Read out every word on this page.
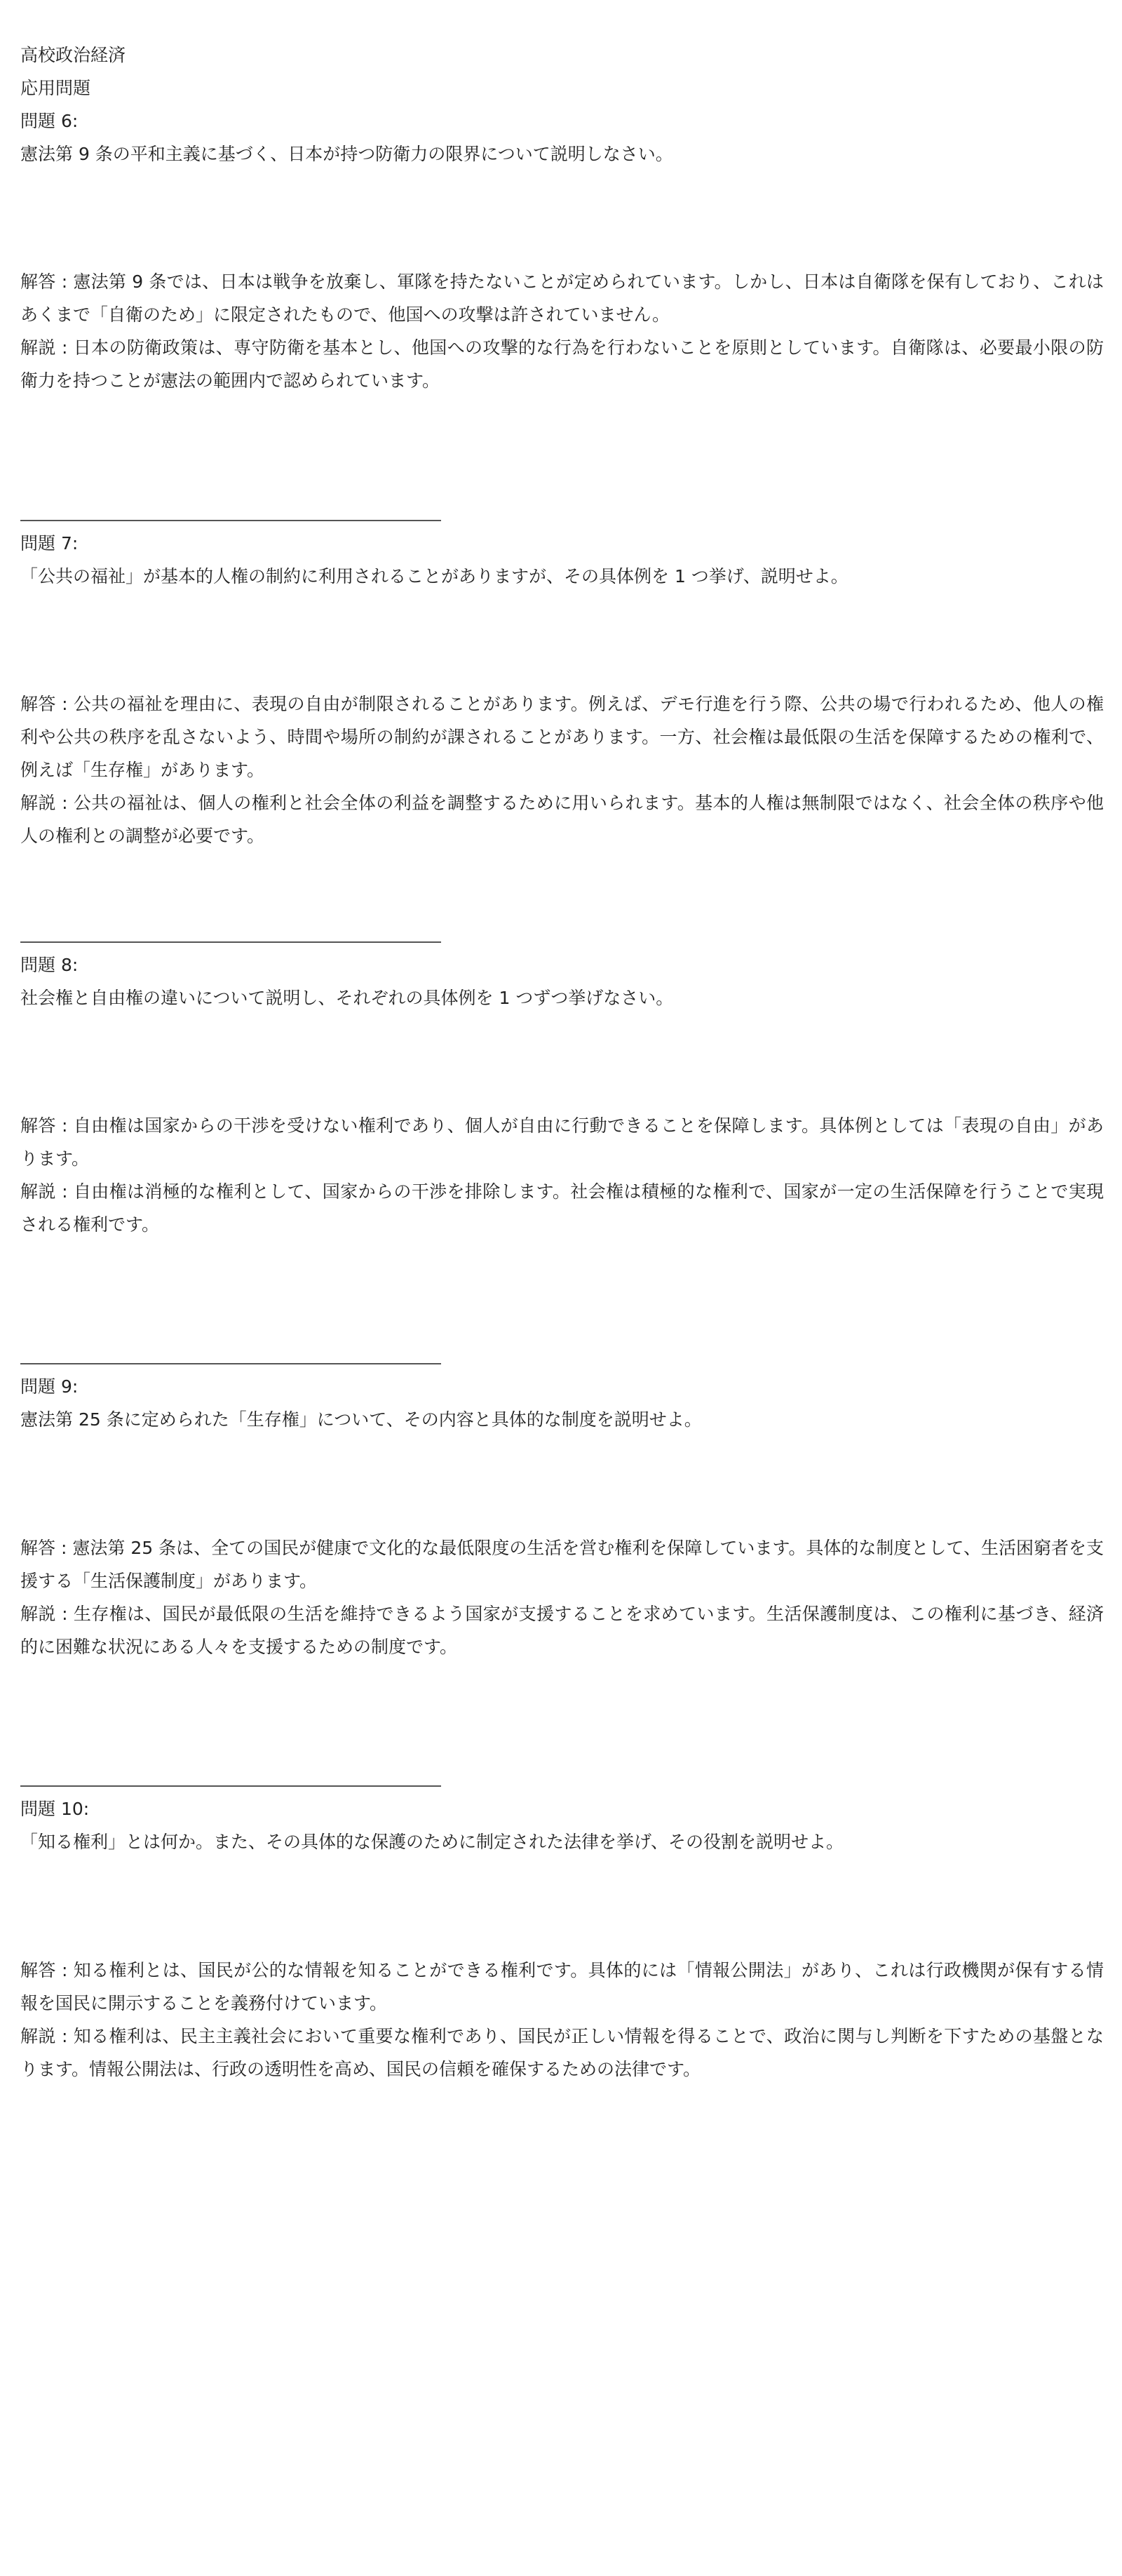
高校政治経済
応用問題
問題 6:
憲法第 9 条の平和主義に基づく、日本が持つ防衛力の限界について説明しなさい。

解答 : 憲法第 9 条では、日本は戦争を放棄し、軍隊を持たないことが定められています。しかし、日本は自衛隊を保有しており、これはあくまで「自衛のため」に限定されたもので、他国への攻撃は許されていません。

解説 : 日本の防衛政策は、専守防衛を基本とし、他国への攻撃的な行為を行わないことを原則としています。自衛隊は、必要最小限の防衛力を持つことが憲法の範囲内で認められています。

問題 7:
「公共の福祉」が基本的人権の制約に利用されることがありますが、その具体例を 1 つ挙げ、説明せよ。

解答 : 公共の福祉を理由に、表現の自由が制限されることがあります。例えば、デモ行進を行う際、公共の場で行われるため、他人の権利や公共の秩序を乱さないよう、時間や場所の制約が課されることがあります。一方、社会権は最低限の生活を保障するための権利で、例えば「生存権」があります。

解説 : 公共の福祉は、個人の権利と社会全体の利益を調整するために用いられます。基本的人権は無制限ではなく、社会全体の秩序や他人の権利との調整が必要です。

問題 8:
社会権と自由権の違いについて説明し、それぞれの具体例を 1 つずつ挙げなさい。

解答 : 自由権は国家からの干渉を受けない権利であり、個人が自由に行動できることを保障します。具体例としては「表現の自由」があります。

解説 : 自由権は消極的な権利として、国家からの干渉を排除します。社会権は積極的な権利で、国家が一定の生活保障を行うことで実現される権利です。

問題 9:
憲法第 25 条に定められた「生存権」について、その内容と具体的な制度を説明せよ。

解答 : 憲法第 25 条は、全ての国民が健康で文化的な最低限度の生活を営む権利を保障しています。具体的な制度として、生活困窮者を支援する「生活保護制度」があります。

解説 : 生存権は、国民が最低限の生活を維持できるよう国家が支援することを求めています。生活保護制度は、この権利に基づき、経済的に困難な状況にある人々を支援するための制度です。

問題 10:
「知る権利」とは何か。また、その具体的な保護のために制定された法律を挙げ、その役割を説明せよ。

解答 : 知る権利とは、国民が公的な情報を知ることができる権利です。具体的には「情報公開法」があり、これは行政機関が保有する情報を国民に開示することを義務付けています。

解説 : 知る権利は、民主主義社会において重要な権利であり、国民が正しい情報を得ることで、政治に関与し判断を下すための基盤となります。情報公開法は、行政の透明性を高め、国民の信頼を確保するための法律です。
